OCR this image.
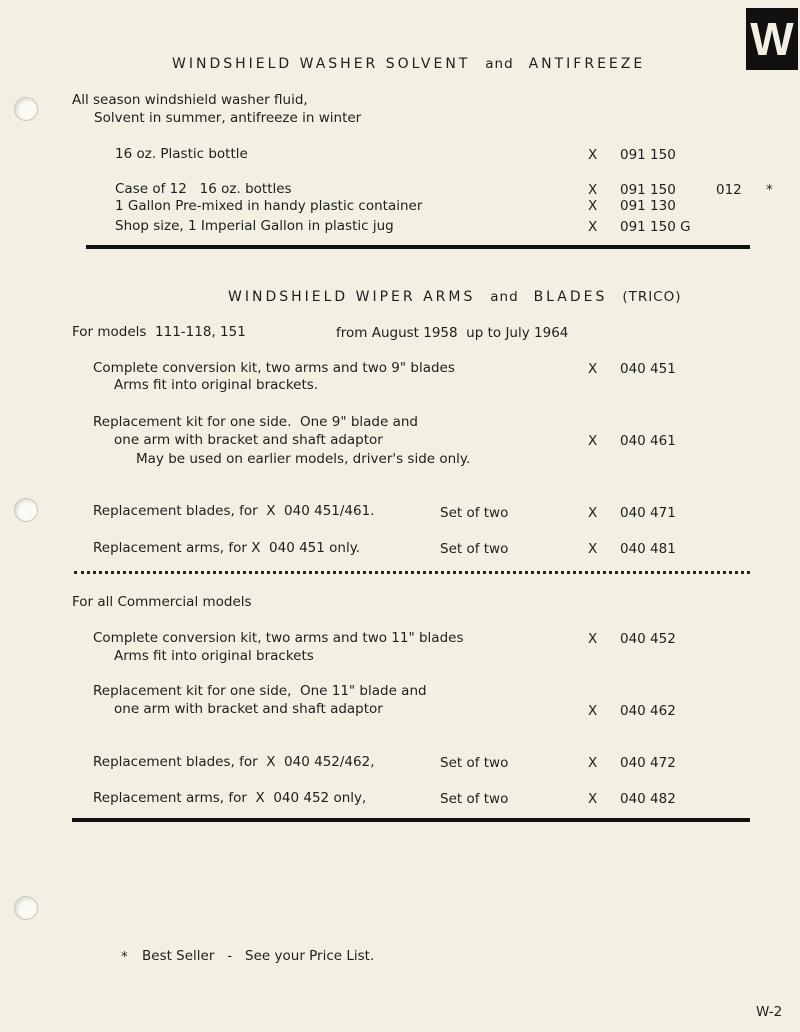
W
WINDSHIELD WASHER SOLVENT and ANTIFREEZE
All season windshield washer fluid,
Solvent in summer, antifreeze in winter
16 oz. Plastic bottle	X 091 150
Case of 12   16 oz. bottles	X 091 150	012 *
1 Gallon Pre-mixed in handy plastic container	X 091 130
Shop size, 1 Imperial Gallon in plastic jug	X 091 150 G
WINDSHIELD WIPER ARMS and BLADES (TRICO)
For models  111-118, 151	from August 1958  up to July 1964
Complete conversion kit, two arms and two 9" blades
Arms fit into original brackets.
X 040 451
Replacement kit for one side.  One 9" blade and
one arm with bracket and shaft adaptor
May be used on earlier models, driver's side only.
X 040 461
Replacement blades, for  X  040 451/461.	Set of two	X 040 471
Replacement arms, for X  040 451 only.	Set of two	X 040 481
For all Commercial models
Complete conversion kit, two arms and two 11" blades
Arms fit into original brackets
X 040 452
Replacement kit for one side,  One 11" blade and
one arm with bracket and shaft adaptor	X 040 462
Replacement blades, for  X  040 452/462,	Set of two	X 040 472
Replacement arms, for  X  040 452 only,	Set of two	X 040 482
* Best Seller   -   See your Price List.
W-2
